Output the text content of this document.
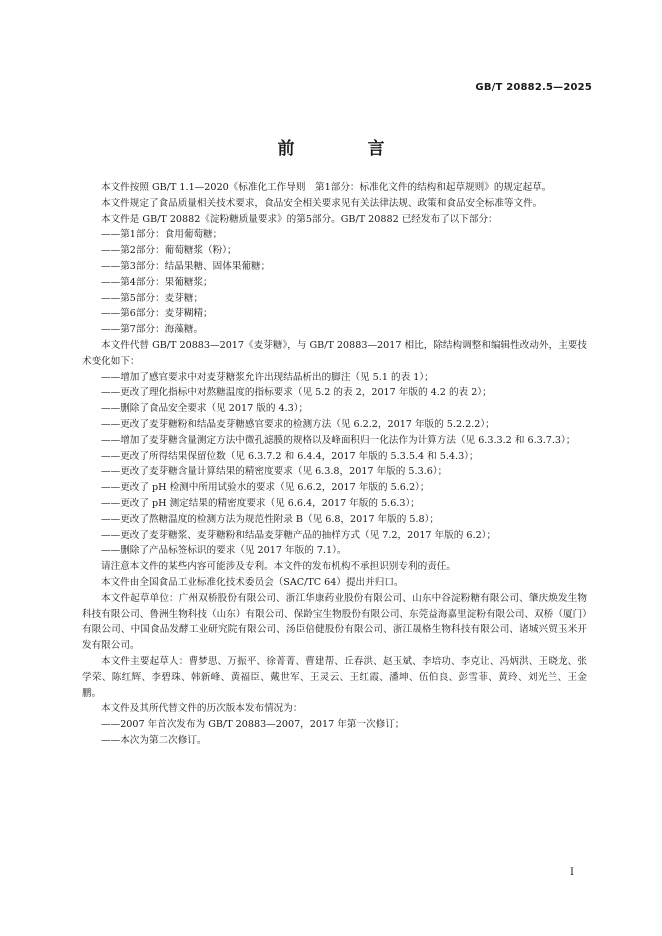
GB/T 20882.5—2025
前　言

本文件按照 GB/T 1.1—2020《标准化工作导则　第1部分：标准化文件的结构和起草规则》的规定起草。

本文件规定了食品质量相关技术要求，食品安全相关要求见有关法律法规、政策和食品安全标准等文件。

本文件是 GB/T 20882《淀粉糖质量要求》的第5部分。GB/T 20882 已经发布了以下部分：

——第1部分：食用葡萄糖；

——第2部分：葡萄糖浆（粉）；

——第3部分：结晶果糖、固体果葡糖；

——第4部分：果葡糖浆；

——第5部分：麦芽糖；

——第6部分：麦芽糊精；

——第7部分：海藻糖。

本文件代替 GB/T 20883—2017《麦芽糖》，与 GB/T 20883—2017 相比，除结构调整和编辑性改动外，主要技术变化如下：

——增加了感官要求中对麦芽糖浆允许出现结晶析出的脚注（见 5.1 的表 1）；

——更改了理化指标中对熬糖温度的指标要求（见 5.2 的表 2，2017 年版的 4.2 的表 2）；

——删除了食品安全要求（见 2017 版的 4.3）；

——更改了麦芽糖粉和结晶麦芽糖感官要求的检测方法（见 6.2.2，2017 年版的 5.2.2.2）；

——增加了麦芽糖含量测定方法中微孔滤膜的规格以及峰面积归一化法作为计算方法（见 6.3.3.2 和 6.3.7.3）；

——更改了所得结果保留位数（见 6.3.7.2 和 6.4.4，2017 年版的 5.3.5.4 和 5.4.3）；

——更改了麦芽糖含量计算结果的精密度要求（见 6.3.8，2017 年版的 5.3.6）；

——更改了 pH 检测中所用试验水的要求（见 6.6.2，2017 年版的 5.6.2）；

——更改了 pH 测定结果的精密度要求（见 6.6.4，2017 年版的 5.6.3）；

——更改了熬糖温度的检测方法为规范性附录 B（见 6.8，2017 年版的 5.8）；

——更改了麦芽糖浆、麦芽糖粉和结晶麦芽糖产品的抽样方式（见 7.2，2017 年版的 6.2）；

——删除了产品标签标识的要求（见 2017 年版的 7.1）。

请注意本文件的某些内容可能涉及专利。本文件的发布机构不承担识别专利的责任。

本文件由全国食品工业标准化技术委员会（SAC/TC 64）提出并归口。

本文件起草单位：广州双桥股份有限公司、浙江华康药业股份有限公司、山东中谷淀粉糖有限公司、肇庆焕发生物科技有限公司、鲁洲生物科技（山东）有限公司、保龄宝生物股份有限公司、东莞益海嘉里淀粉有限公司、双桥（厦门）有限公司、中国食品发酵工业研究院有限公司、汤臣倍健股份有限公司、浙江晟格生物科技有限公司、诸城兴贸玉米开发有限公司。

本文件主要起草人：曹梦思、万振平、徐菁菁、曹建帮、丘春洪、赵玉斌、李培功、李克让、冯炳洪、王晓龙、张学荣、陈红辉、李碧珠、韩新峰、黄福臣、戴世军、王灵云、王红霞、潘坤、伍伯良、彭雪菲、黄玲、刘光兰、王金鹏。

本文件及其所代替文件的历次版本发布情况为：

——2007 年首次发布为 GB/T 20883—2007，2017 年第一次修订；

——本次为第二次修订。

I
